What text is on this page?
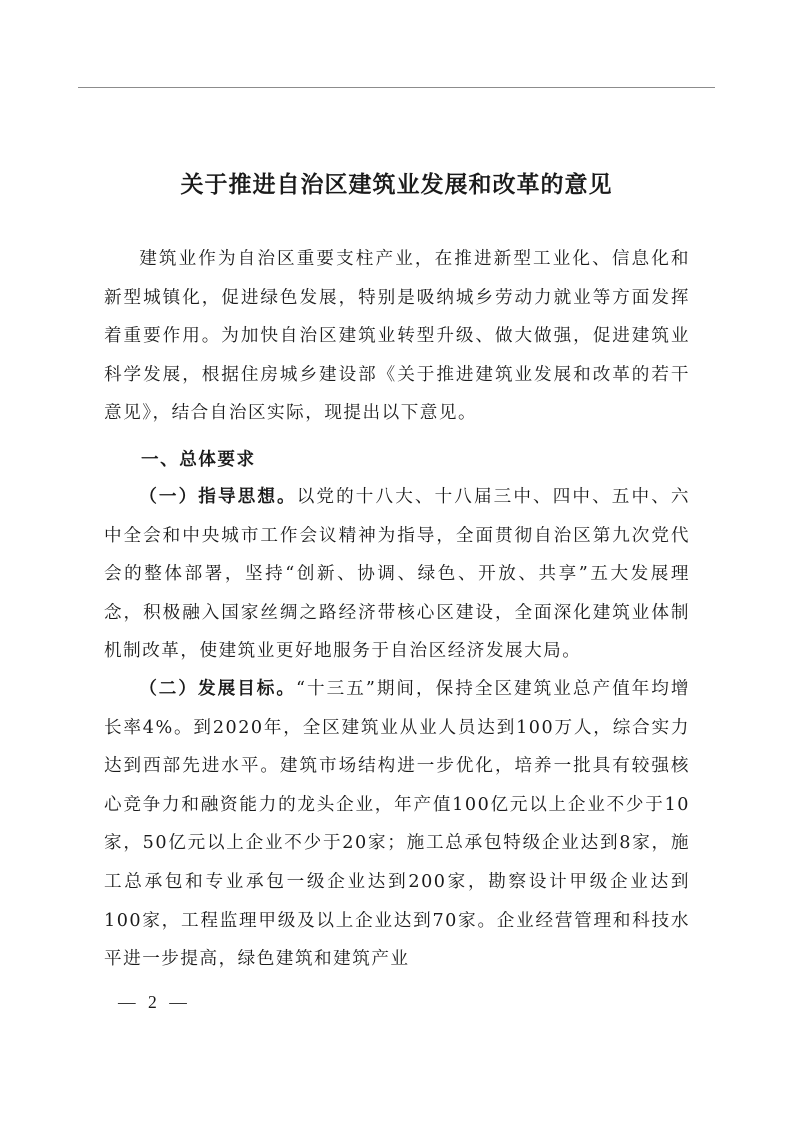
关于推进自治区建筑业发展和改革的意见

建筑业作为自治区重要支柱产业，在推进新型工业化、信息化和新型城镇化，促进绿色发展，特别是吸纳城乡劳动力就业等方面发挥着重要作用。为加快自治区建筑业转型升级、做大做强，促进建筑业科学发展，根据住房城乡建设部《关于推进建筑业发展和改革的若干意见》，结合自治区实际，现提出以下意见。

一、总体要求

（一）指导思想。以党的十八大、十八届三中、四中、五中、六中全会和中央城市工作会议精神为指导，全面贯彻自治区第九次党代会的整体部署，坚持“创新、协调、绿色、开放、共享”五大发展理念，积极融入国家丝绸之路经济带核心区建设，全面深化建筑业体制机制改革，使建筑业更好地服务于自治区经济发展大局。

（二）发展目标。“十三五”期间，保持全区建筑业总产值年均增长率4%。到2020年，全区建筑业从业人员达到100万人，综合实力达到西部先进水平。建筑市场结构进一步优化，培养一批具有较强核心竞争力和融资能力的龙头企业，年产值100亿元以上企业不少于10家，50亿元以上企业不少于20家；施工总承包特级企业达到8家，施工总承包和专业承包一级企业达到200家，勘察设计甲级企业达到100家，工程监理甲级及以上企业达到70家。企业经营管理和科技水平进一步提高，绿色建筑和建筑产业

— 2 —
